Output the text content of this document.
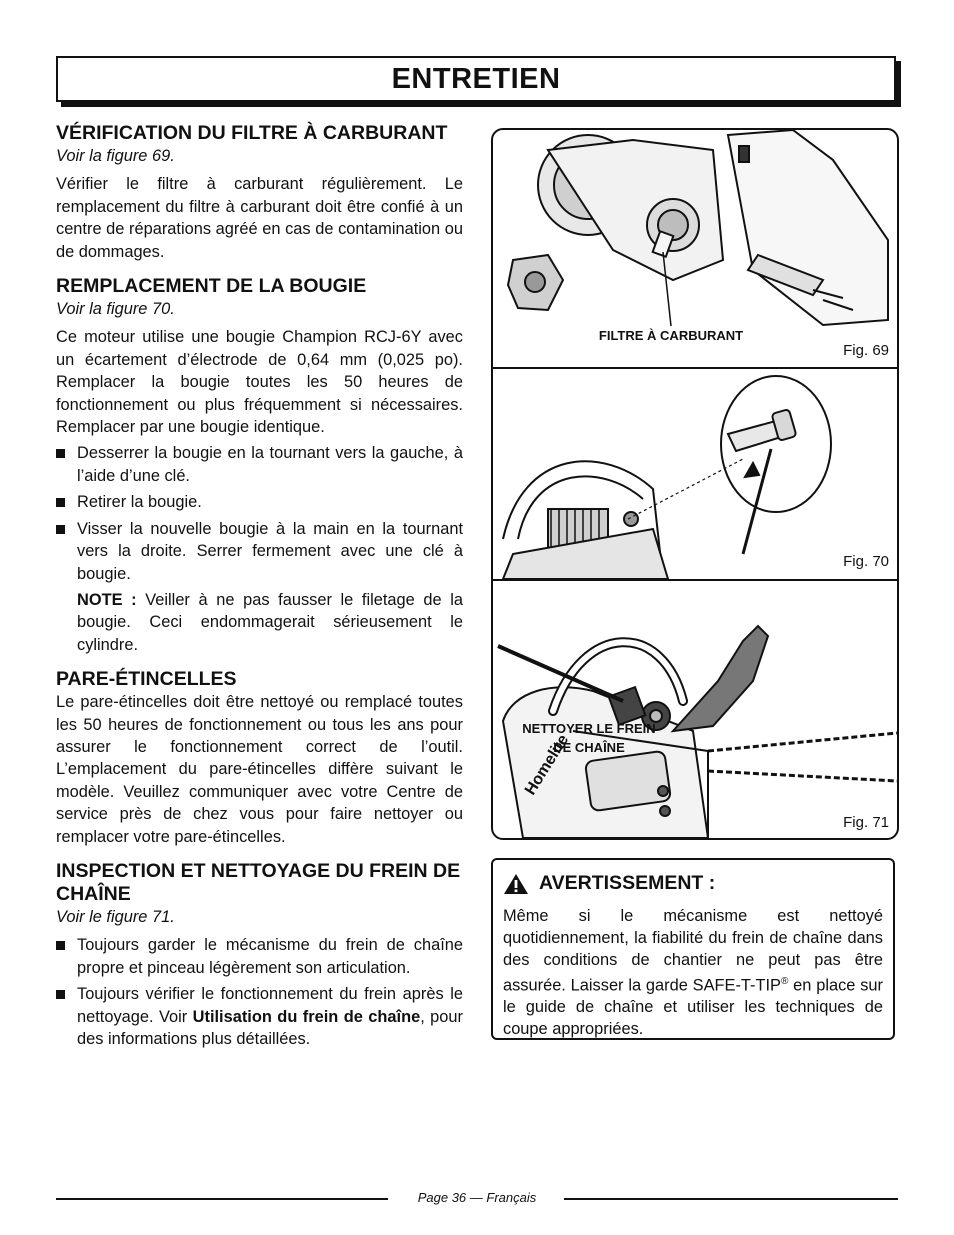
ENTRETIEN
VÉRIFICATION DU FILTRE À CARBURANT
Voir la figure 69.

Vérifier le filtre à carburant régulièrement. Le remplacement du filtre à carburant doit être confié à un centre de réparations agréé en cas de contamination ou de dommages.

REMPLACEMENT DE LA BOUGIE
Voir la figure 70.

Ce moteur utilise une bougie Champion RCJ-6Y avec un écartement d’électrode de 0,64 mm (0,025 po). Remplacer la bougie toutes les 50 heures de fonctionnement ou plus fréquemment si nécessaires. Remplacer par une bougie identique.

Desserrer la bougie en la tournant vers la gauche, à l’aide d’une clé.
Retirer la bougie.
Visser la nouvelle bougie à la main en la tournant vers la droite. Serrer fermement avec une clé à bougie.
NOTE : Veiller à ne pas fausser le filetage de la bougie. Ceci endommagerait sérieusement le cylindre.
PARE-ÉTINCELLES

Le pare-étincelles doit être nettoyé ou remplacé toutes les 50 heures de fonctionnement ou tous les ans pour assurer le fonctionnement correct de l’outil. L’emplacement du pare-étincelles diffère suivant le modèle. Veuillez communiquer avec votre Centre de service près de chez vous pour faire nettoyer ou remplacer votre pare-étincelles.

INSPECTION ET NETTOYAGE DU FREIN DE CHAÎNE
Voir le figure 71.
Toujours garder le mécanisme du frein de chaîne propre et pinceau légèrement son articulation.
Toujours vérifier le fonctionnement du frein après le nettoyage. Voir Utilisation du frein de chaîne, pour des informations plus détaillées.
FILTRE À CARBURANT
Fig. 69
Fig. 70
Homelite
NETTOYER LE FREIN
DE CHAÎNE
Fig. 71
AVERTISSEMENT :

Même si le mécanisme est nettoyé quotidiennement, la fiabilité du frein de chaîne dans des conditions de chantier ne peut pas être assurée. Laisser la garde SAFE-T-TIP® en place sur le guide de chaîne et utiliser les techniques de coupe appropriées.

Page 36 — Français
